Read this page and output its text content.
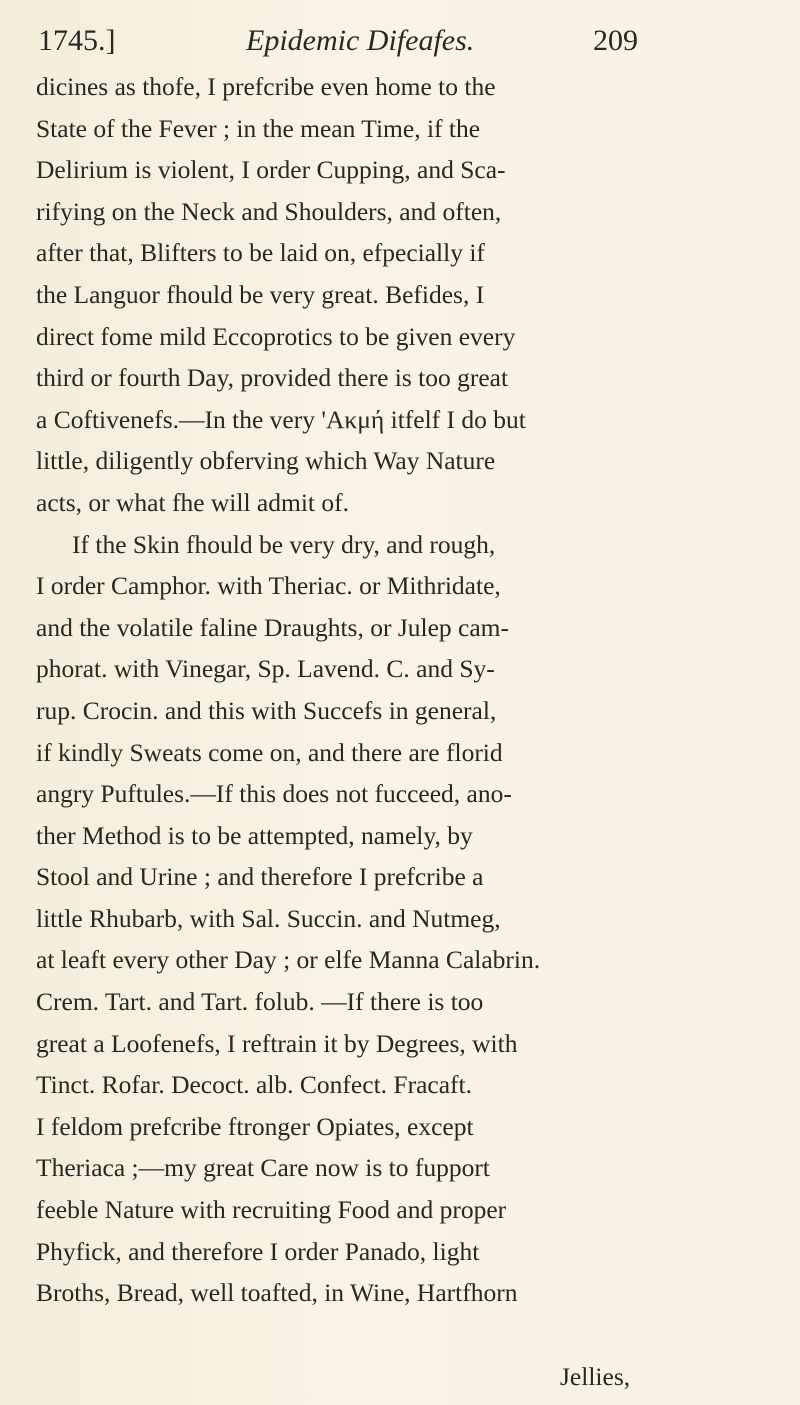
1745.]	Epidemic Difeafes.	209
dicines as thofe, I prefcribe even home to the
State of the Fever ; in the mean Time, if the
Delirium is violent, I order Cupping, and Sca-
rifying on the Neck and Shoulders, and often,
after that, Blifters to be laid on, efpecially if
the Languor fhould be very great. Befides, I
direct fome mild Eccoprotics to be given every
third or fourth Day, provided there is too great
a Coftivenefs.—In the very 'Ακμή itfelf I do but
little, diligently obferving which Way Nature
acts, or what fhe will admit of.
If the Skin fhould be very dry, and rough,
I order Camphor. with Theriac. or Mithridate,
and the volatile faline Draughts, or Julep cam-
phorat. with Vinegar, Sp. Lavend. C. and Sy-
rup. Crocin. and this with Succefs in general,
if kindly Sweats come on, and there are florid
angry Puftules.—If this does not fucceed, ano-
ther Method is to be attempted, namely, by
Stool and Urine ; and therefore I prefcribe a
little Rhubarb, with Sal. Succin. and Nutmeg,
at leaft every other Day ; or elfe Manna Calabrin.
Crem. Tart. and Tart. folub. —If there is too
great a Loofenefs, I reftrain it by Degrees, with
Tinct. Rofar. Decoct. alb. Confect. Fracaft.
I feldom prefcribe ftronger Opiates, except
Theriaca ;—my great Care now is to fupport
feeble Nature with recruiting Food and proper
Phyfick, and therefore I order Panado, light
Broths, Bread, well toafted, in Wine, Hartfhorn
Jellies,
